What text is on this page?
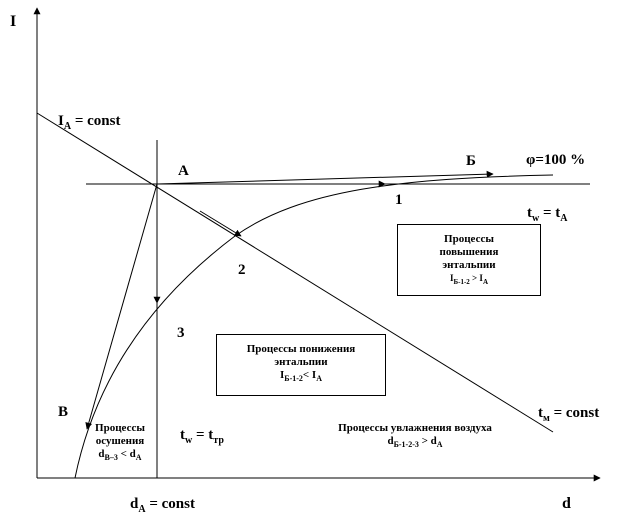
I
d
$I_A$ = const
$d_A$ = const
φ=100 %
$t_w = t_A$
$t_w = t_{тр}$
$t_м$ = const
А
Б
В
1
2
3
Процессы
повышения
энтальпии
$I_{Б-1-2} > I_A$
Процессы понижения
энтальпии
$I_{Б-1-2}< I_A$
Процессы
осушения
$d_{B-3} < d_A$
Процессы увлажнения воздуха
$d_{Б-1-2-3} > d_A$
